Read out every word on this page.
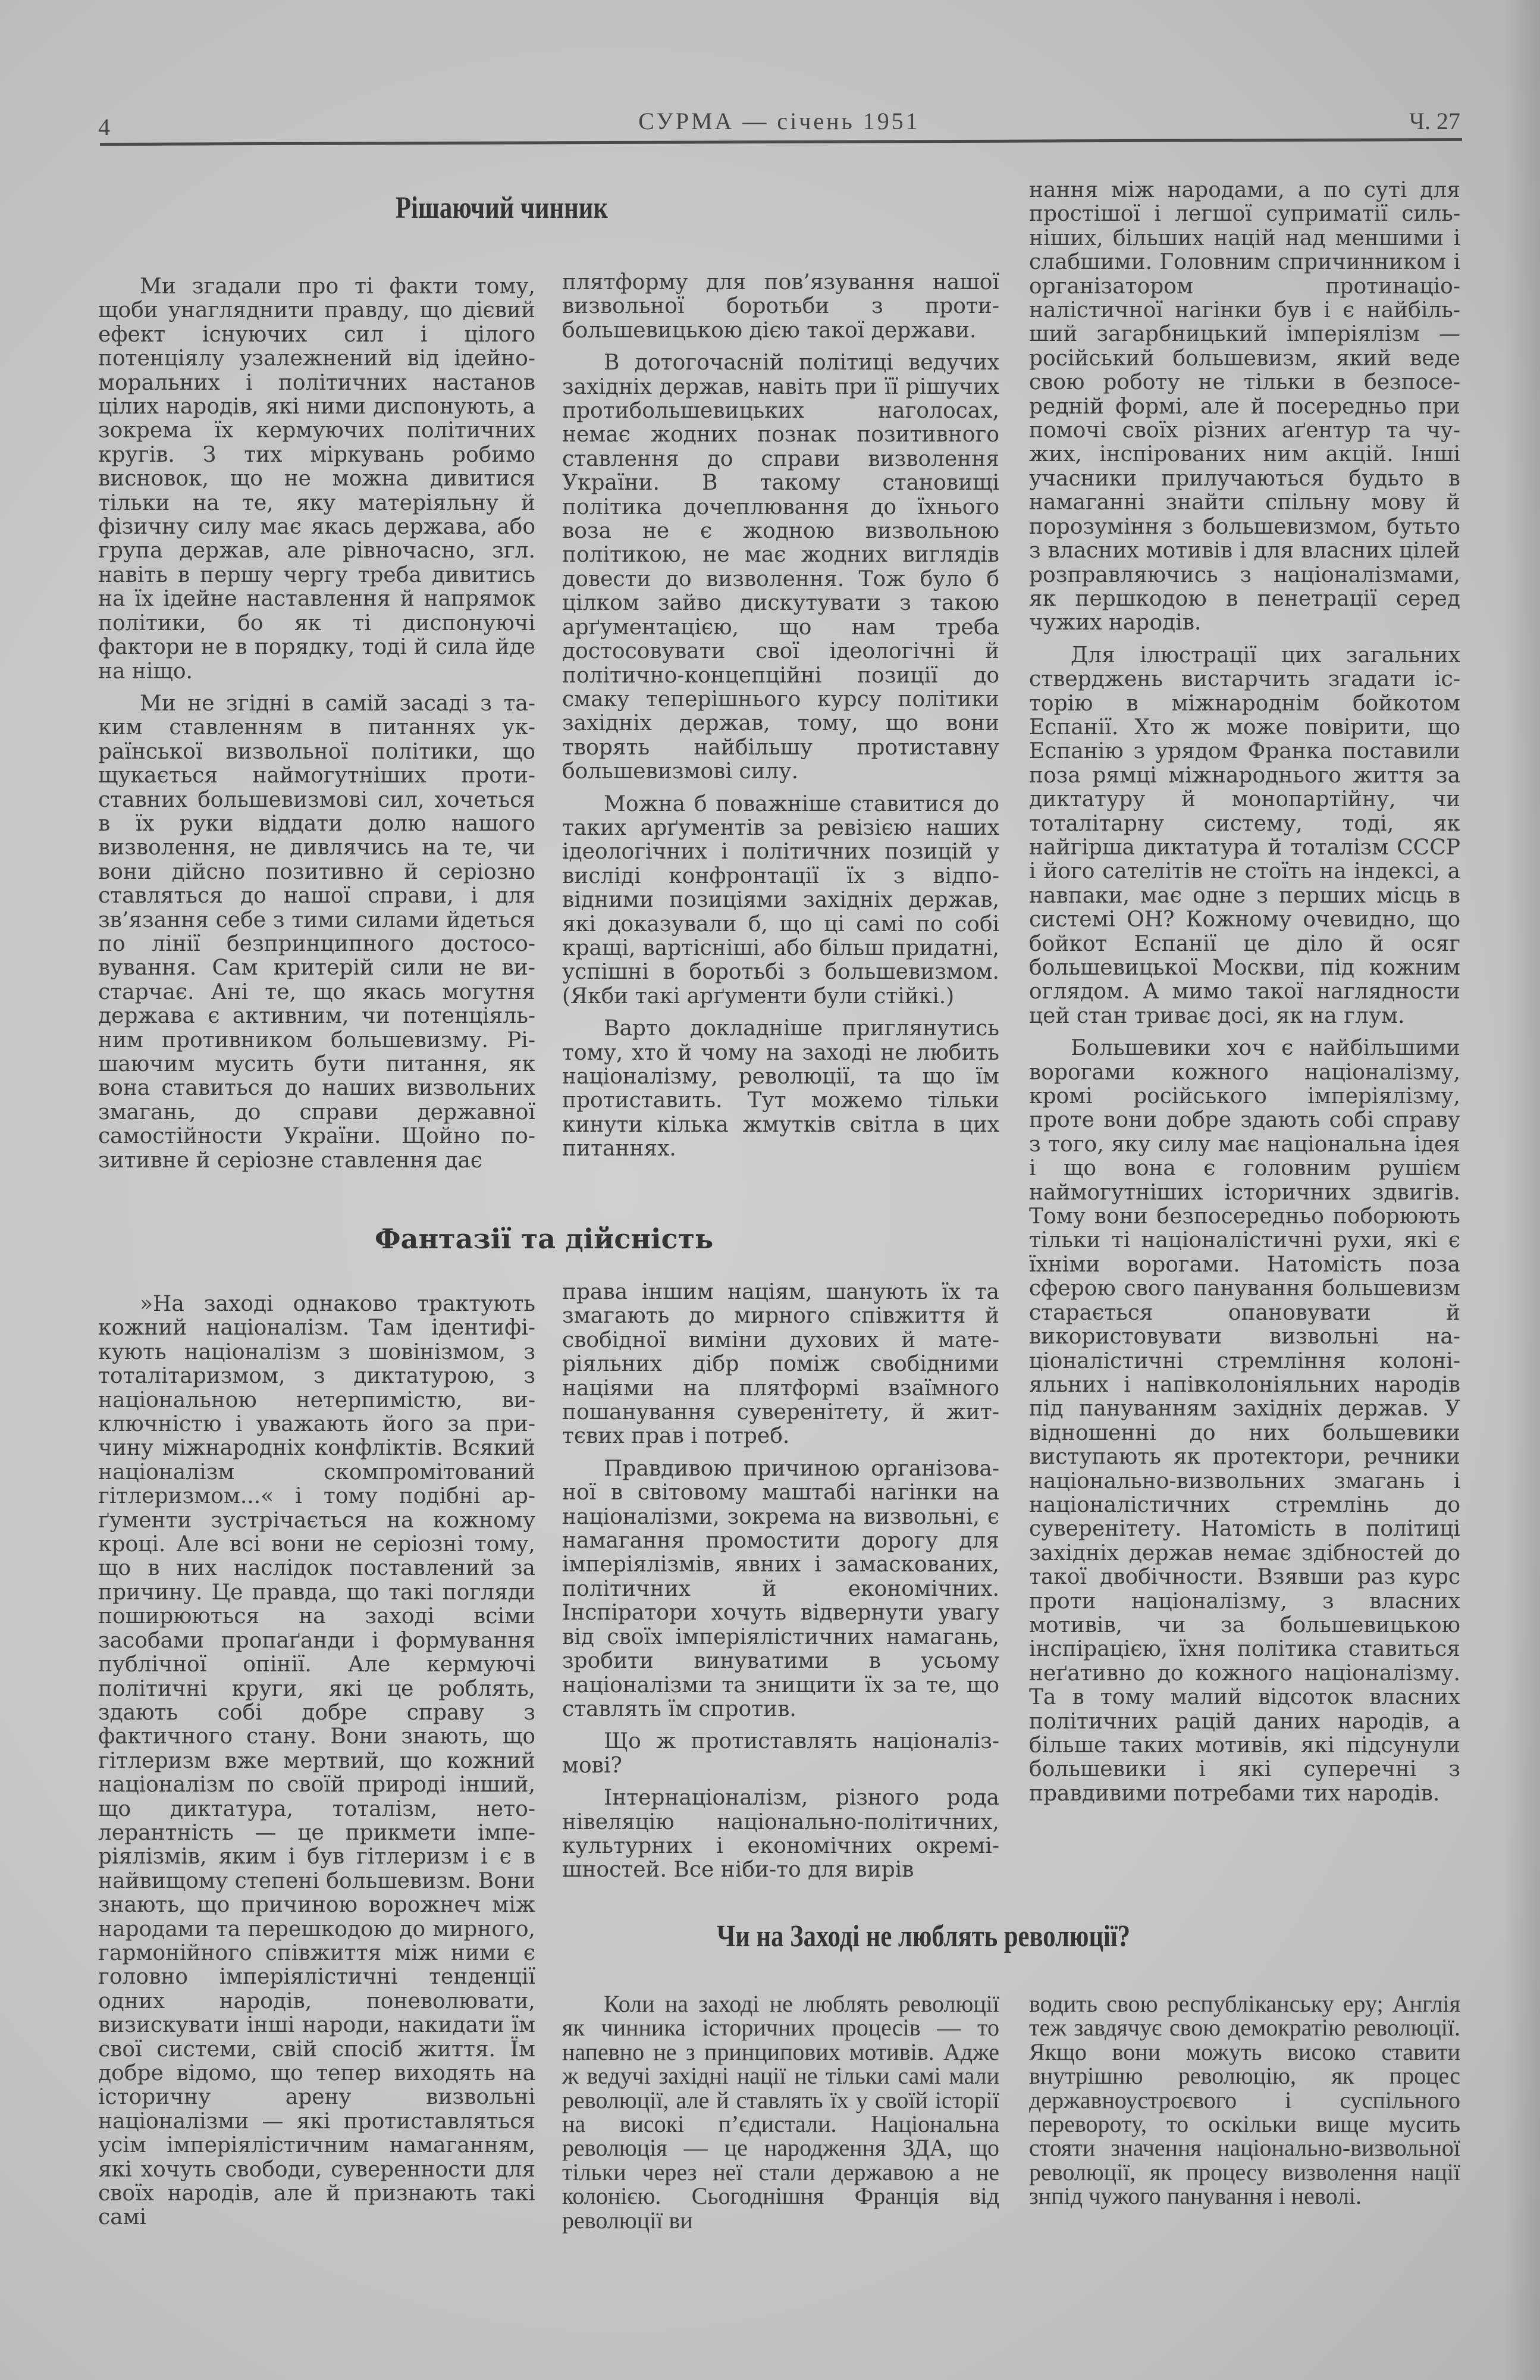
4	СУРМА — січень 1951	Ч. 27
Рішаючий чинник

Ми згадали про ті факти тому, щоби унагляднити правду, що дієвий ефект існуючих сил і цілого потенціялу узалежнений від ідейно-моральних і політичних настанов цілих народів, які ними диспонують, а зокрема їх кермуючих політичних кругів. З тих міркувань робимо висновок, що не можна дивитися тільки на те, яку матеріяльну й фізичну силу має якась держава, або група держав, але рівночасно, згл. навіть в першу чергу треба дивитись на їх ідейне наставлення й напрямок політики, бо як ті диспонуючі фактори не в порядку, тоді й сила йде на ніщо.

Ми не згідні в самій засаді з таким ставленням в питаннях української визвольної політики, що щукається наймогутніших протиставних большевизмові сил, хочеться в їх руки віддати долю нашого визволення, не дивлячись на те, чи вони дійсно позитивно й серіозно ставляться до нашої справи, і для зв’язання себе з тими силами йдеться по лінії безпринципного достосовування. Сам критерій сили не вистарчає. Ані те, що якась могутня держава є активним, чи потенціяльним противником большевизму. Рішаючим мусить бути питання, як вона ставиться до наших визвольних змагань, до справи державної самостійности України. Щойно позитивне й серіозне ставлення дає

плятформу для пов’язування нашої визвольної боротьби з протибольшевицькою дією такої держави.

В дотогочасній політиці ведучих західніх держав, навіть при її рішучих протибольшевицьких наголосах, немає жодних познак позитивного ставлення до справи визволення України. В такому становищі політика дочеплювання до їхнього воза не є жодною визвольною політикою, не має жодних виглядів довести до визволення. Тож було б цілком зайво дискутувати з такою арґументацією, що нам треба достосовувати свої ідеологічні й політично-концепційні позиції до смаку теперішнього курсу політики західніх держав, тому, що вони творять найбільшу протиставну большевизмові силу.

Можна б поважніше ставитися до таких арґументів за ревізією наших ідеологічних і політичних позицій у висліді конфронтації їх з відповідними позиціями західніх держав, які доказували б, що ці самі по собі кращі, вартісніші, або більш придатні, успішні в боротьбі з большевизмом. (Якби такі арґументи були стійкі.)

Варто докладніше приглянутись тому, хто й чому на заході не любить націоналізму, революції, та що їм протиставить. Тут можемо тільки кинути кілька жмутків світла в цих питаннях.

Фантазії та дійсність

»На заході однаково трактують кожний націоналізм. Там ідентифікують націоналізм з шовінізмом, з тоталітаризмом, з диктатурою, з національною нетерпимістю, виключністю і уважають його за причину міжнародніх конфліктів. Всякий націоналізм скомпромітований гітлеризмом...« і тому подібні арґументи зустрічається на кожному кроці. Але всі вони не серіозні тому, що в них наслідок поставлений за причину. Це правда, що такі погляди поширюються на заході всіми засобами пропаґанди і формування публічної опінії. Але кермуючі політичні круги, які це роблять, здають собі добре справу з фактичного стану. Вони знають, що гітлеризм вже мертвий, що кожний націоналізм по своїй природі інший, що диктатура, тоталізм, нетолерантність — це прикмети імперіялізмів, яким і був гітлеризм і є в найвищому степені большевизм. Вони знають, що причиною ворожнеч між народами та перешкодою до мирного, гармонійного співжиття між ними є головно імперіялістичні тенденції одних народів, поневолювати, визискувати інші народи, накидати їм свої системи, свій спосіб життя. Їм добре відомо, що тепер виходять на історичну арену визвольні націоналізми — які протиставляться усім імперіялістичним намаганням, які хочуть свободи, суверенности для своїх народів, але й признають такі самі

права іншим націям, шанують їх та змагають до мирного співжиття й свобідної виміни духових й матеріяльних дібр поміж свобідними націями на плятформі взаїмного пошанування суверенітету, й життєвих прав і потреб.

Правдивою причиною організованої в світовому маштабі нагінки на націоналізми, зокрема на визвольні, є намагання промостити дорогу для імперіялізмів, явних і замаскованих, політичних й економічних. Інспіратори хочуть відвернути увагу від своїх імперіялістичних намагань, зробити винуватими в усьому націоналізми та знищити їх за те, що ставлять їм спротив.

Що ж протиставлять націоналізмові?

Інтернаціоналізм, різного рода нівеляцію національно-політичних, культурних і економічних окремішностей. Все ніби-то для вирів

нання між народами, а по суті для простішої і легшої суприматії сильніших, більших націй над меншими і слабшими. Головним спричинником і організатором протинаціоналістичної нагінки був і є найбільший загарбницький імперіялізм — російський большевизм, який веде свою роботу не тільки в безпосередній формі, але й посередньо при помочі своїх різних аґентур та чужих, інспірованих ним акцій. Інші учасники прилучаються будьто в намаганні знайти спільну мову й порозуміння з большевизмом, бутьто з власних мотивів і для власних цілей розправляючись з націоналізмами, як першкодою в пенетрації серед чужих народів.

Для ілюстрації цих загальних стверджень вистарчить згадати історію в міжнароднім бойкотом Еспанії. Хто ж може повірити, що Еспанію з урядом Франка поставили поза рямці міжнароднього життя за диктатуру й монопартійну, чи тоталітарну систему, тоді, як найгірша диктатура й тоталізм СССР і його сателітів не стоїть на індексі, а навпаки, має одне з перших місць в системі ОН? Кожному очевидно, що бойкот Еспанії це діло й осяг большевицької Москви, під кожним оглядом. А мимо такої наглядности цей стан триває досі, як на глум.

Большевики хоч є найбільшими ворогами кожного націоналізму, кромі російського імперіялізму, проте вони добре здають собі справу з того, яку силу має національна ідея і що вона є головним рушієм наймогутніших історичних здвигів. Тому вони безпосередньо поборюють тільки ті націоналістичні рухи, які є їхніми ворогами. Натомість поза сферою свого панування большевизм старається опановувати й використовувати визвольні націоналістичні стремління колоніяльних і напівколоніяльних народів під пануванням західніх держав. У відношенні до них большевики виступають як протектори, речники національно-визвольних змагань і націоналістичних стремлінь до суверенітету. Натомість в політиці західніх держав немає здібностей до такої двобічности. Взявши раз курс проти націоналізму, з власних мотивів, чи за большевицькою інспірацією, їхня політика ставиться неґативно до кожного націоналізму. Та в тому малий відсоток власних політичних рацій даних народів, а більше таких мотивів, які підсунули большевики і які суперечні з правдивими потребами тих народів.

Чи на Заході не люблять революції?

Коли на заході не люблять революції як чинника історичних процесів — то напевно не з принципових мотивів. Адже ж ведучі західні нації не тільки самі мали революції, але й ставлять їх у своїй історії на високі п’єдистали. Національна революція — це народження ЗДА, що тільки через неї стали державою а не колонією. Сьогоднішня Франція від революції ви

водить свою республіканську еру; Англія теж завдячує свою демократію революції. Якщо вони можуть високо ставити внутрішню революцію, як процес державноустроєвого і суспільного перевороту, то оскільки вище мусить стояти значення національно-визвольної революції, як процесу визволення нації знпід чужого панування і неволі.
